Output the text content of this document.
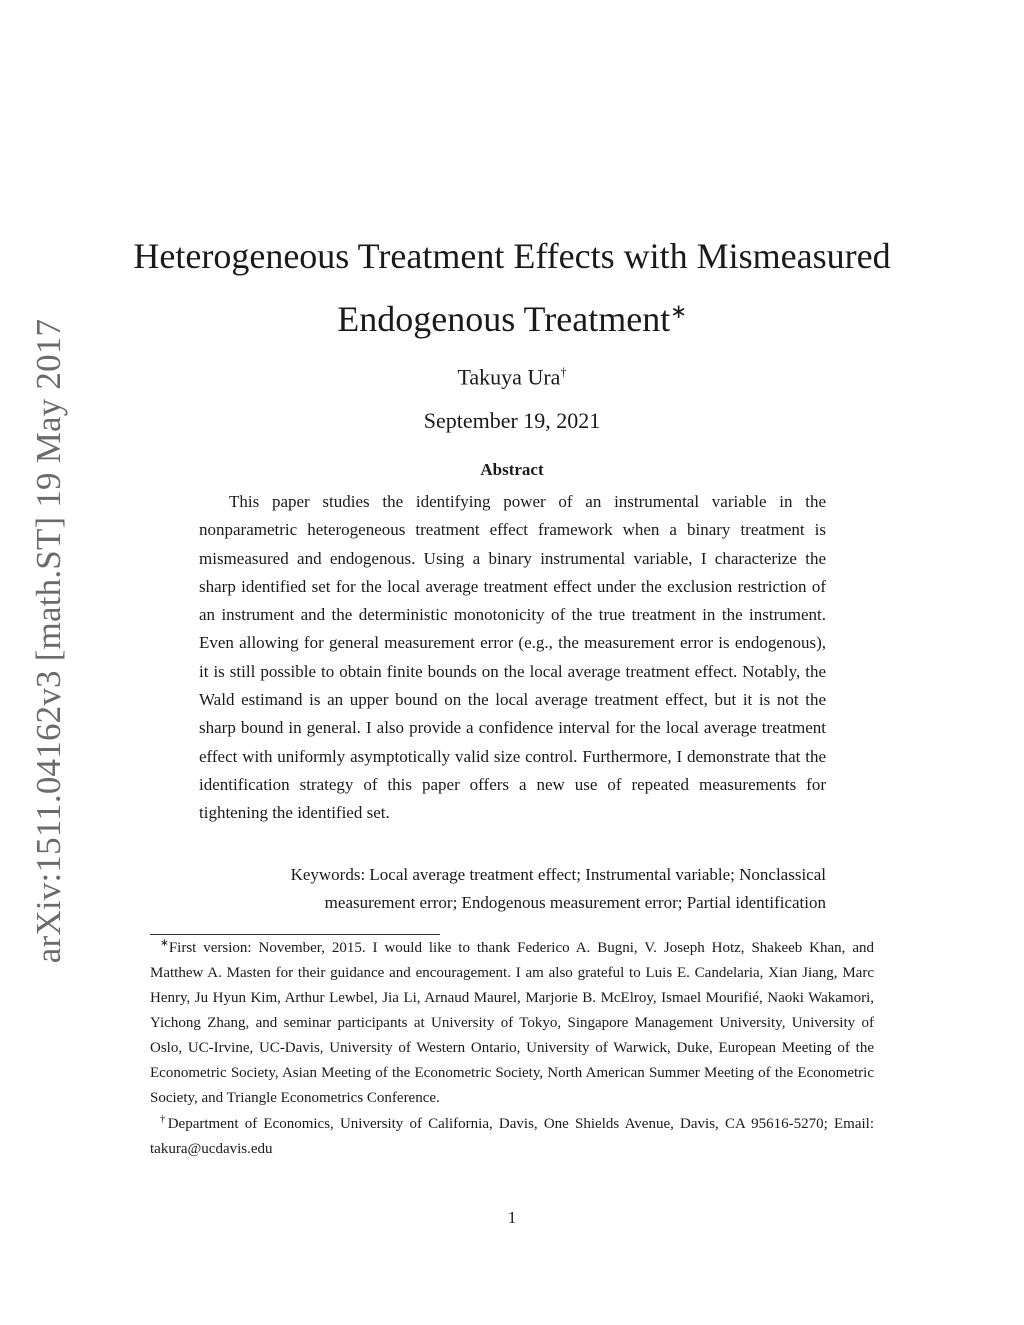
arXiv:1511.04162v3 [math.ST] 19 May 2017
Heterogeneous Treatment Effects with Mismeasured
Endogenous Treatment∗
Takuya Ura†
September 19, 2021
Abstract
This paper studies the identifying power of an instrumental variable in the nonparametric heterogeneous treatment effect framework when a binary treatment is mismeasured and endogenous. Using a binary instrumental variable, I characterize the sharp identified set for the local average treatment effect under the exclusion restriction of an instrument and the deterministic monotonicity of the true treatment in the instrument. Even allowing for general measurement error (e.g., the measurement error is endogenous), it is still possible to obtain finite bounds on the local average treatment effect. Notably, the Wald estimand is an upper bound on the local average treatment effect, but it is not the sharp bound in general. I also provide a confidence interval for the local average treatment effect with uniformly asymptotically valid size control. Furthermore, I demonstrate that the identification strategy of this paper offers a new use of repeated measurements for tightening the identified set.
Keywords: Local average treatment effect; Instrumental variable; Nonclassical
measurement error; Endogenous measurement error; Partial identification

∗First version: November, 2015. I would like to thank Federico A. Bugni, V. Joseph Hotz, Shakeeb Khan, and Matthew A. Masten for their guidance and encouragement. I am also grateful to Luis E. Candelaria, Xian Jiang, Marc Henry, Ju Hyun Kim, Arthur Lewbel, Jia Li, Arnaud Maurel, Marjorie B. McElroy, Ismael Mourifié, Naoki Wakamori, Yichong Zhang, and seminar participants at University of Tokyo, Singapore Management University, University of Oslo, UC-Irvine, UC-Davis, University of Western Ontario, University of Warwick, Duke, European Meeting of the Econometric Society, Asian Meeting of the Econometric Society, North American Summer Meeting of the Econometric Society, and Triangle Econometrics Conference.

†Department of Economics, University of California, Davis, One Shields Avenue, Davis, CA 95616-5270; Email: takura@ucdavis.edu

1
